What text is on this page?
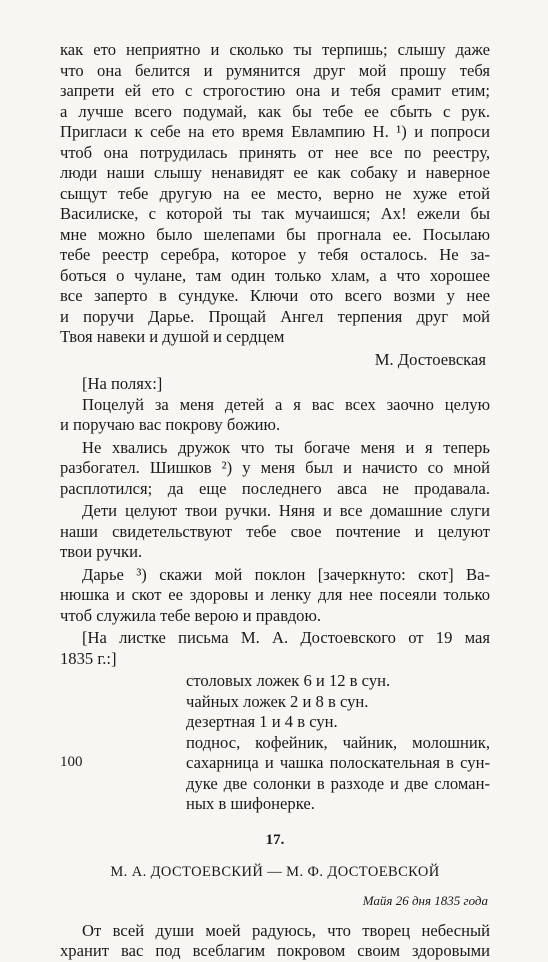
как ето неприятно и сколько ты терпишь; слышу даже
что она белится и румянится друг мой прошу тебя
запрети ей ето с строгостию она и тебя срамит етим;
а лучше всего подумай, как бы тебе ее сбыть с рук.
Пригласи к себе на ето время Евлампию Н. ¹) и попроси
чтоб она потрудилась принять от нее все по реестру,
люди наши слышу ненавидят ее как собаку и наверное
сыщут тебе другую на ее место, верно не хуже етой
Василиске, с которой ты так мучаишся; Ах! ежели бы
мне можно было шелепами бы прогнала ее. Посылаю
тебе реестр серебра, которое у тебя осталось. Не за-
боться о чулане, там один только хлам, а что хорошее
все заперто в сундуке. Ключи ото всего возми у нее
и поручи Дарье. Прощай Ангел терпения друг мой
Твоя навеки и душой и сердцем
М. Достоевская
[На полях:]
Поцелуй за меня детей а я вас всех заочно целую
и поручаю вас покрову божию.
Не хвались дружок что ты богаче меня и я теперь
разбогател. Шишков ²) у меня был и начисто со мной
расплотился; да еще последнего авса не продавала.
Дети целуют твои ручки. Няня и все домашние слуги
наши свидетельствуют тебе свое почтение и целуют
твои ручки.
Дарье ³) скажи мой поклон [зачеркнуто: скот] Ва-
нюшка и скот ее здоровы и ленку для нее посеяли только
чтоб служила тебе верою и правдою.
[На листке письма М. А. Достоевского от 19 мая
1835 г.:]
столовых ложек 6 и 12 в сун.
чайных ложек 2 и 8 в сун.
дезертная 1 и 4 в сун.
поднос, кофейник, чайник, молошник,
сахарница и чашка полоскательная в сун-
дуке две солонки в разходе и две сломан-
ных в шифонерке.
17.
М. А. ДОСТОЕВСКИЙ — М. Ф. ДОСТОЕВСКОЙ
Майя 26 дня 1835 года
От всей души моей радуюсь, что творец небесный
хранит вас под всеблагим покровом своим здоровыми
100
